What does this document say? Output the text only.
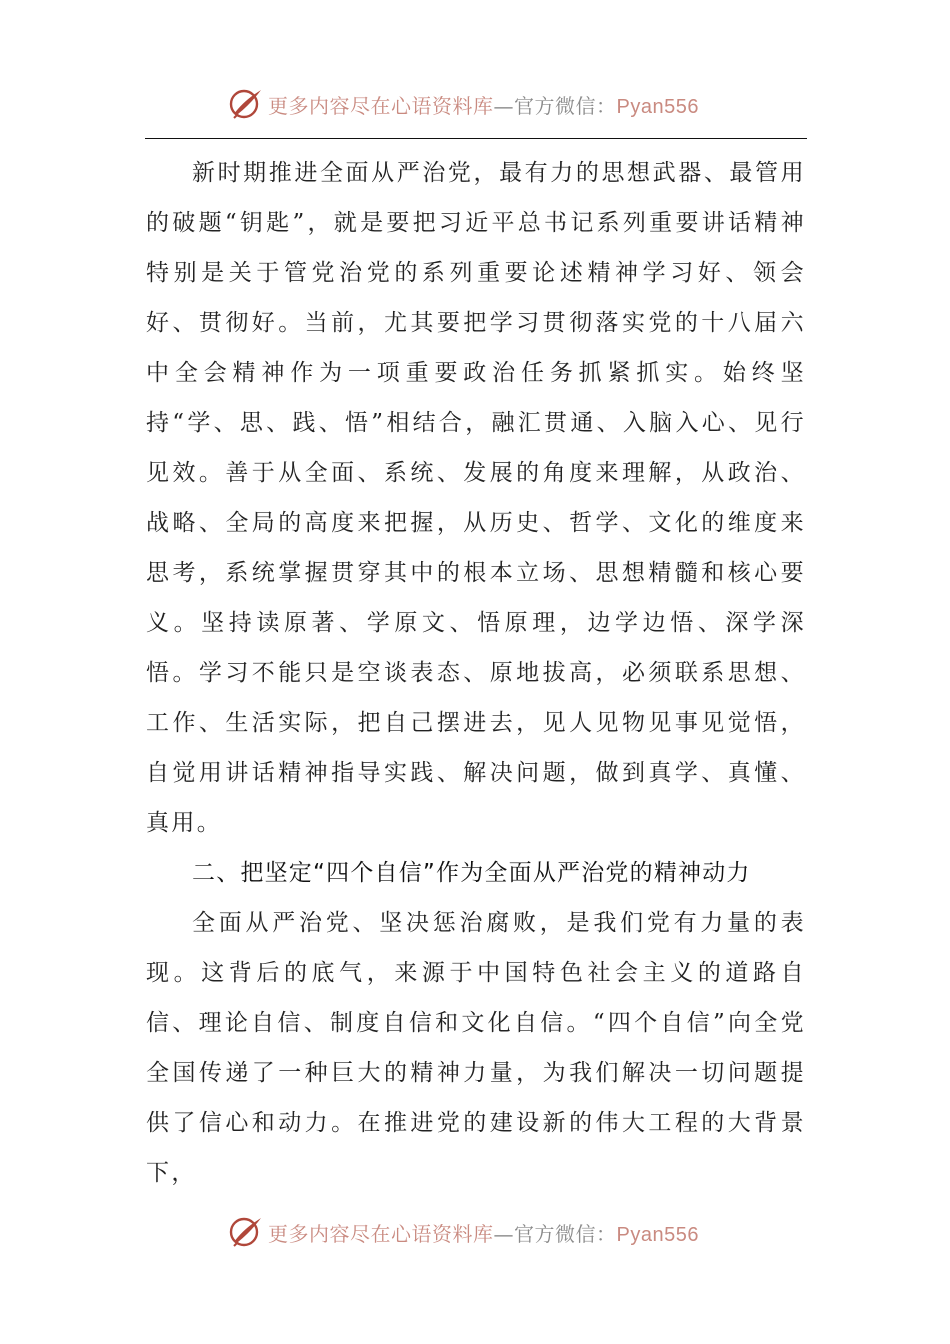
更多内容尽在心语资料库—官方微信：Pyan556

新时期推进全面从严治党，最有力的思想武器、最管用的破题“钥匙”，就是要把习近平总书记系列重要讲话精神特别是关于管党治党的系列重要论述精神学习好、领会好、贯彻好。当前，尤其要把学习贯彻落实党的十八届六中全会精神作为一项重要政治任务抓紧抓实。始终坚持“学、思、践、悟”相结合，融汇贯通、入脑入心、见行见效。善于从全面、系统、发展的角度来理解，从政治、战略、全局的高度来把握，从历史、哲学、文化的维度来思考，系统掌握贯穿其中的根本立场、思想精髓和核心要义。坚持读原著、学原文、悟原理，边学边悟、深学深悟。学习不能只是空谈表态、原地拔高，必须联系思想、工作、生活实际，把自己摆进去，见人见物见事见觉悟，自觉用讲话精神指导实践、解决问题，做到真学、真懂、真用。

二、把坚定“四个自信”作为全面从严治党的精神动力

全面从严治党、坚决惩治腐败，是我们党有力量的表现。这背后的底气，来源于中国特色社会主义的道路自信、理论自信、制度自信和文化自信。“四个自信”向全党全国传递了一种巨大的精神力量，为我们解决一切问题提供了信心和动力。在推进党的建设新的伟大工程的大背景下，

更多内容尽在心语资料库—官方微信：Pyan556
